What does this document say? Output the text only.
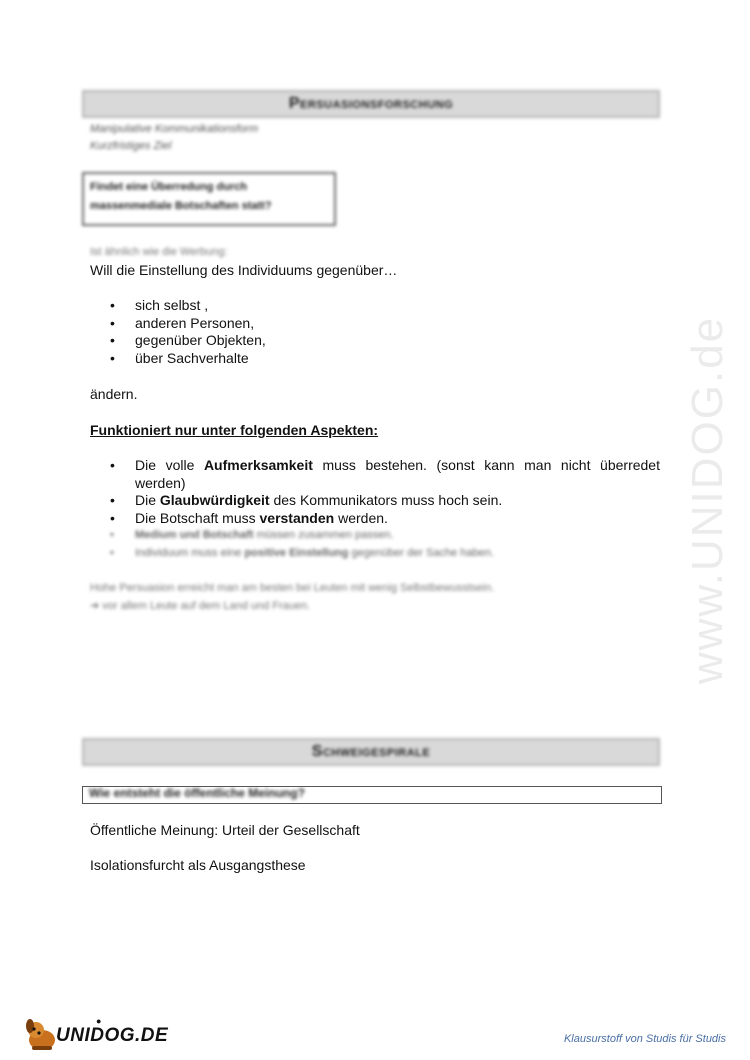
Persuasionsforschung
Manipulative Kommunikationsform
Kurzfristiges Ziel
Findet eine Überredung durch massenmediale Botschaften statt?
Ist ähnlich wie die Werbung:
Will die Einstellung des Individuums gegenüber…
• sich selbst ,
• anderen Personen,
• gegenüber Objekten,
• über Sachverhalte
ändern.
Funktioniert nur unter folgenden Aspekten:
• Die volle Aufmerksamkeit muss bestehen. (sonst kann man nicht überredet werden)
• Die Glaubwürdigkeit des Kommunikators muss hoch sein.
• Die Botschaft muss verstanden werden.
• Medium und Botschaft müssen zusammen passen.
• Individuum muss eine positive Einstellung gegenüber der Sache haben.
Hohe Persuasion erreicht man am besten bei Leuten mit wenig Selbstbewusstsein.
➔ vor allem Leute auf dem Land und Frauen.	www.UNIDOG.de
Schweigespirale
Wie entsteht die öffentliche Meinung?
Öffentliche Meinung: Urteil der Gesellschaft
Isolationsfurcht als Ausgangsthese
UNIDOG.DE
●
Klausurstoff von Studis für Studis
